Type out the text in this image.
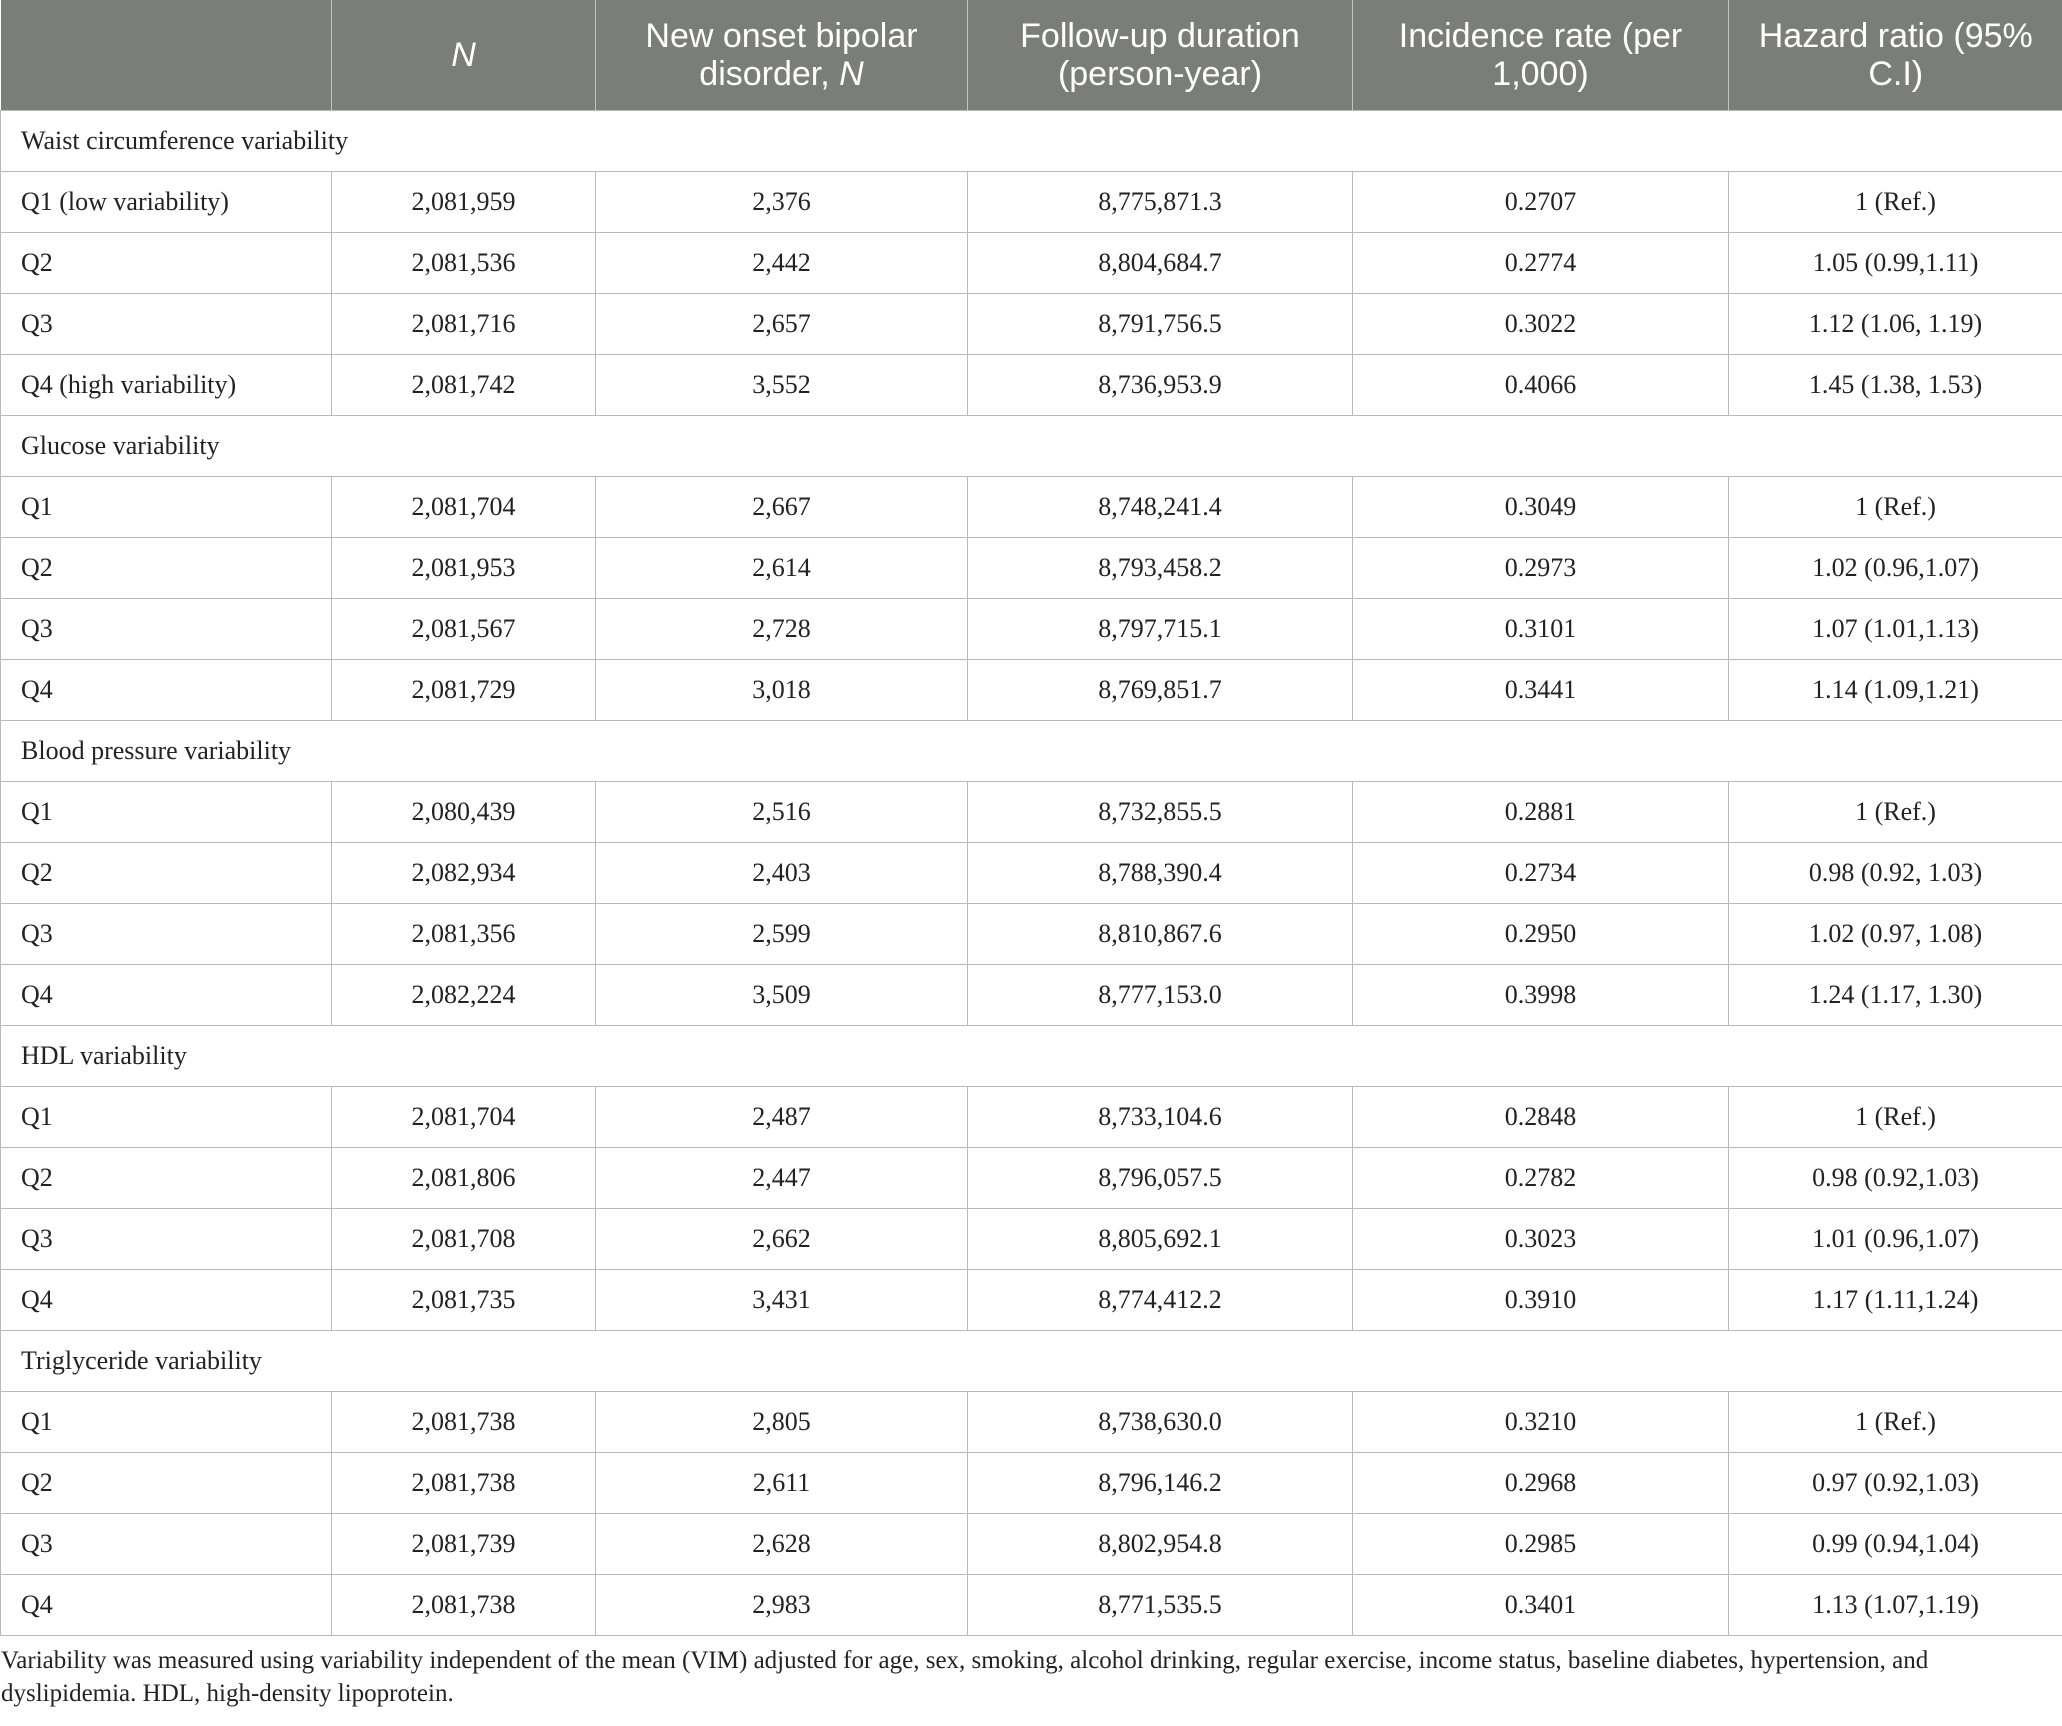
	N	New onset bipolar disorder, N	Follow-up duration (person-year)	Incidence rate (per 1,000)	Hazard ratio (95% C.I)
Waist circumference variability					
Q1 (low variability)	2,081,959	2,376	8,775,871.3	0.2707	1 (Ref.)
Q2	2,081,536	2,442	8,804,684.7	0.2774	1.05 (0.99,1.11)
Q3	2,081,716	2,657	8,791,756.5	0.3022	1.12 (1.06, 1.19)
Q4 (high variability)	2,081,742	3,552	8,736,953.9	0.4066	1.45 (1.38, 1.53)
Glucose variability					
Q1	2,081,704	2,667	8,748,241.4	0.3049	1 (Ref.)
Q2	2,081,953	2,614	8,793,458.2	0.2973	1.02 (0.96,1.07)
Q3	2,081,567	2,728	8,797,715.1	0.3101	1.07 (1.01,1.13)
Q4	2,081,729	3,018	8,769,851.7	0.3441	1.14 (1.09,1.21)
Blood pressure variability					
Q1	2,080,439	2,516	8,732,855.5	0.2881	1 (Ref.)
Q2	2,082,934	2,403	8,788,390.4	0.2734	0.98 (0.92, 1.03)
Q3	2,081,356	2,599	8,810,867.6	0.2950	1.02 (0.97, 1.08)
Q4	2,082,224	3,509	8,777,153.0	0.3998	1.24 (1.17, 1.30)
HDL variability					
Q1	2,081,704	2,487	8,733,104.6	0.2848	1 (Ref.)
Q2	2,081,806	2,447	8,796,057.5	0.2782	0.98 (0.92,1.03)
Q3	2,081,708	2,662	8,805,692.1	0.3023	1.01 (0.96,1.07)
Q4	2,081,735	3,431	8,774,412.2	0.3910	1.17 (1.11,1.24)
Triglyceride variability					
Q1	2,081,738	2,805	8,738,630.0	0.3210	1 (Ref.)
Q2	2,081,738	2,611	8,796,146.2	0.2968	0.97 (0.92,1.03)
Q3	2,081,739	2,628	8,802,954.8	0.2985	0.99 (0.94,1.04)
Q4	2,081,738	2,983	8,771,535.5	0.3401	1.13 (1.07,1.19)
Variability was measured using variability independent of the mean (VIM) adjusted for age, sex, smoking, alcohol drinking, regular exercise, income status, baseline diabetes, hypertension, and dyslipidemia. HDL, high-density lipoprotein.
